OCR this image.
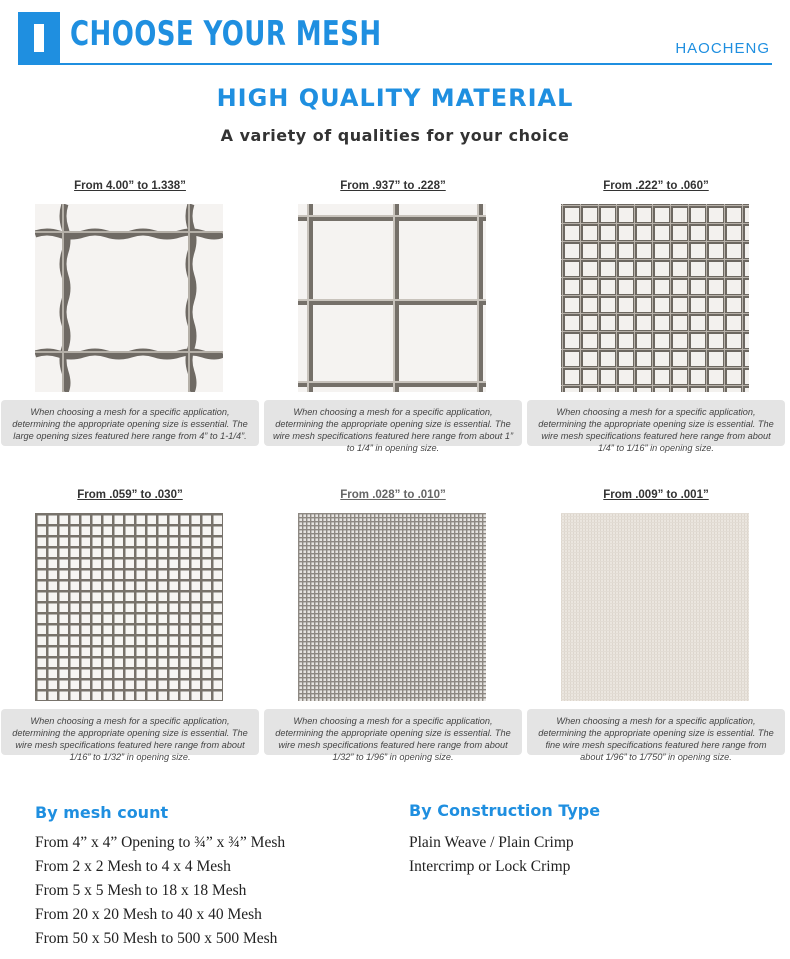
CHOOSE YOUR MESH	HAOCHENG
HIGH QUALITY MATERIAL
A variety of qualities for your choice
From 4.00” to 1.338”
When choosing a mesh for a specific application, determining the appropriate opening size is essential. The large opening sizes featured here range from 4” to 1-1/4”.
From .937” to .228”
When choosing a mesh for a specific application, determining the appropriate opening size is essential. The wire mesh specifications featured here range from about 1” to 1/4” in opening size.
From .222” to .060”
When choosing a mesh for a specific application, determining the appropriate opening size is essential. The wire mesh specifications featured here range from about 1/4” to 1/16” in opening size.
From .059” to .030”
When choosing a mesh for a specific application, determining the appropriate opening size is essential. The wire mesh specifications featured here range from about 1/16” to 1/32” in opening size.
From .028” to .010”
When choosing a mesh for a specific application, determining the appropriate opening size is essential. The wire mesh specifications featured here range from about 1/32” to 1/96” in opening size.
From .009” to .001”
When choosing a mesh for a specific application, determining the appropriate opening size is essential. The fine wire mesh specifications featured here range from about 1/96” to 1/750” in opening size.
By mesh count
From 4” x 4” Opening to ¾” x ¾” Mesh
From 2 x 2 Mesh to 4 x 4 Mesh
From 5 x 5 Mesh to 18 x 18 Mesh
From 20 x 20 Mesh to 40 x 40 Mesh
From 50 x 50 Mesh to 500 x 500 Mesh
By Construction Type
Plain Weave / Plain Crimp
Intercrimp or Lock Crimp
